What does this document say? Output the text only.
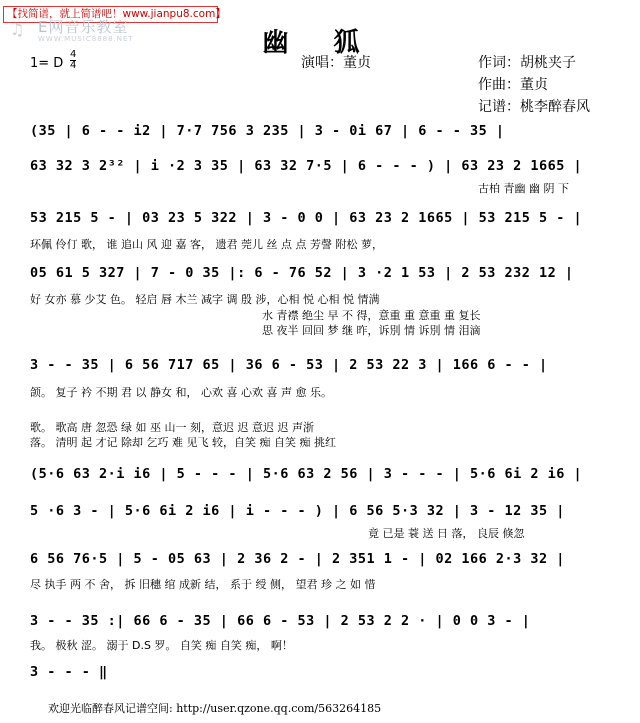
【找简谱，就上简谱吧！www.jianpu8.com】
♫ E网音乐教室
WWW.MUSIC8888.NET	幽 狐
1= D
4
4	演唱：董贞	作词：胡桃夹子
作曲：董贞
记谱：桃李醉春风
(35 | 6 - - i2 | 7·7 756 3 235 | 3 - 0i 67 | 6 - - 35 |
63 32 3 2³² | i ·2 3 35 | 63 32 7·5 | 6 - - - ) | 63 23 2 1665 |
古柏 青幽 幽 阴 下
53 215 5 - | 03 23 5 322 | 3 - 0 0 | 63 23 2 1665 | 53 215 5 - |
环佩 伶仃 歌， 谁 追山 风 迎 嘉 客， 遗君 莞儿 丝 点 点 芳謦 附松 萝，
05 61 5 327 | 7 - 0 35 |: 6 - 76 52 | 3 ·2 1 53 | 2 53 232 12 |
好 女亦 慕 少艾 色。 轻启 唇 木兰 减字 调 殷 涉，心相 悦 心相 悦 情满
水 青襟 绝尘 早 不 得，意重 重 意重 重 复长
思 夜半 回回 梦 继 昨，诉別 情 诉別 情 泪滴
3 - - 35 | 6 56 717 65 | 36 6 - 53 | 2 53 22 3 | 166 6 - - |
颌。 复子 衿 不期 君 以 静女 和， 心欢 喜 心欢 喜 声 愈 乐。
歌。 歌高 唐 忽恐 绿 如 巫 山一 刻，意迟 迟 意迟 迟 声浙
落。 清明 起 才记 除却 乞巧 难 见飞 较，自笑 痴 自笑 痴 挑红
(5·6 63 2·i i6 | 5 - - - | 5·6 63 2 56 | 3 - - - | 5·6 6i 2 i6 |
5 ·6 3 - | 5·6 6i 2 i6 | i - - - ) | 6 56 5·3 32 | 3 - 12 35 |
竟 已是 蓑 送 日 落， 良辰 倏忽
6 56 76·5 | 5 - 05 63 | 2 36 2 - | 2 351 1 - | 02 166 2·3 32 |
尽 执手 两 不 舍， 拆 旧穗 绾 成新 结， 系于 绶 侧， 望君 珍 之 如 惜
3 - - 35 :| 66 6 - 35 | 66 6 - 53 | 2 53 2 2 · | 0 0 3 - |
我。 极秋 涩。 溺于 D.S 罗。 自笑 痴 自笑 痴， 啊！
3 - - - ‖
欢迎光临醉春风记谱空间: http://user.qzone.qq.com/563264185
